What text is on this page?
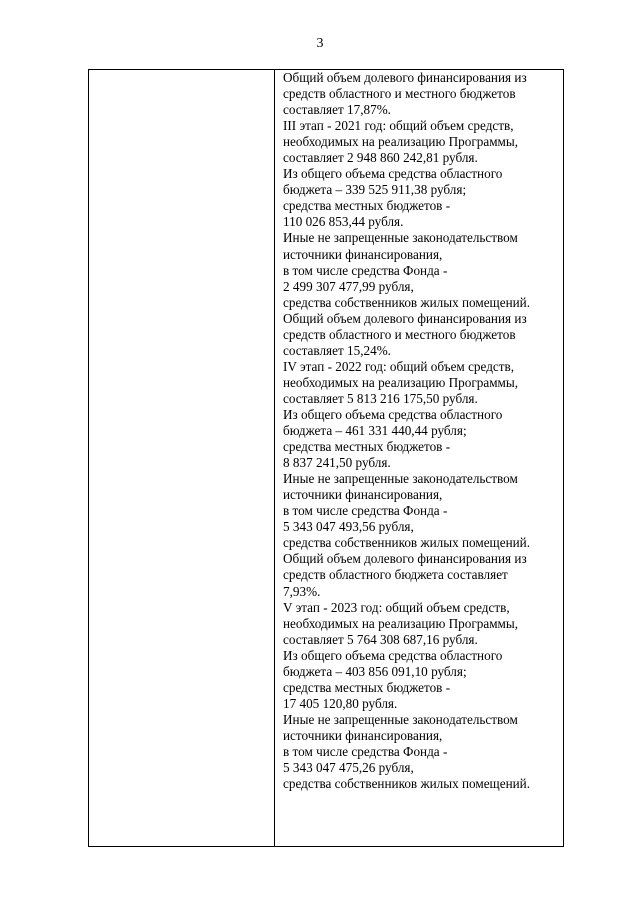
3
Общий объем долевого финансирования из
средств областного и местного бюджетов
составляет 17,87%.
III этап - 2021 год: общий объем средств,
необходимых на реализацию Программы,
составляет 2 948 860 242,81 рубля.
Из общего объема средства областного
бюджета – 339 525 911,38 рубля;
средства местных бюджетов -
110 026 853,44 рубля.
Иные не запрещенные законодательством
источники финансирования,
в том числе средства Фонда -
2 499 307 477,99 рубля,
средства собственников жилых помещений.
Общий объем долевого финансирования из
средств областного и местного бюджетов
составляет 15,24%.
IV этап - 2022 год: общий объем средств,
необходимых на реализацию Программы,
составляет 5 813 216 175,50 рубля.
Из общего объема средства областного
бюджета – 461 331 440,44 рубля;
средства местных бюджетов -
8 837 241,50 рубля.
Иные не запрещенные законодательством
источники финансирования,
в том числе средства Фонда -
5 343 047 493,56 рубля,
средства собственников жилых помещений.
Общий объем долевого финансирования из
средств областного бюджета составляет
7,93%.
V этап - 2023 год: общий объем средств,
необходимых на реализацию Программы,
составляет 5 764 308 687,16 рубля.
Из общего объема средства областного
бюджета – 403 856 091,10 рубля;
средства местных бюджетов -
17 405 120,80 рубля.
Иные не запрещенные законодательством
источники финансирования,
в том числе средства Фонда -
5 343 047 475,26 рубля,
средства собственников жилых помещений.
